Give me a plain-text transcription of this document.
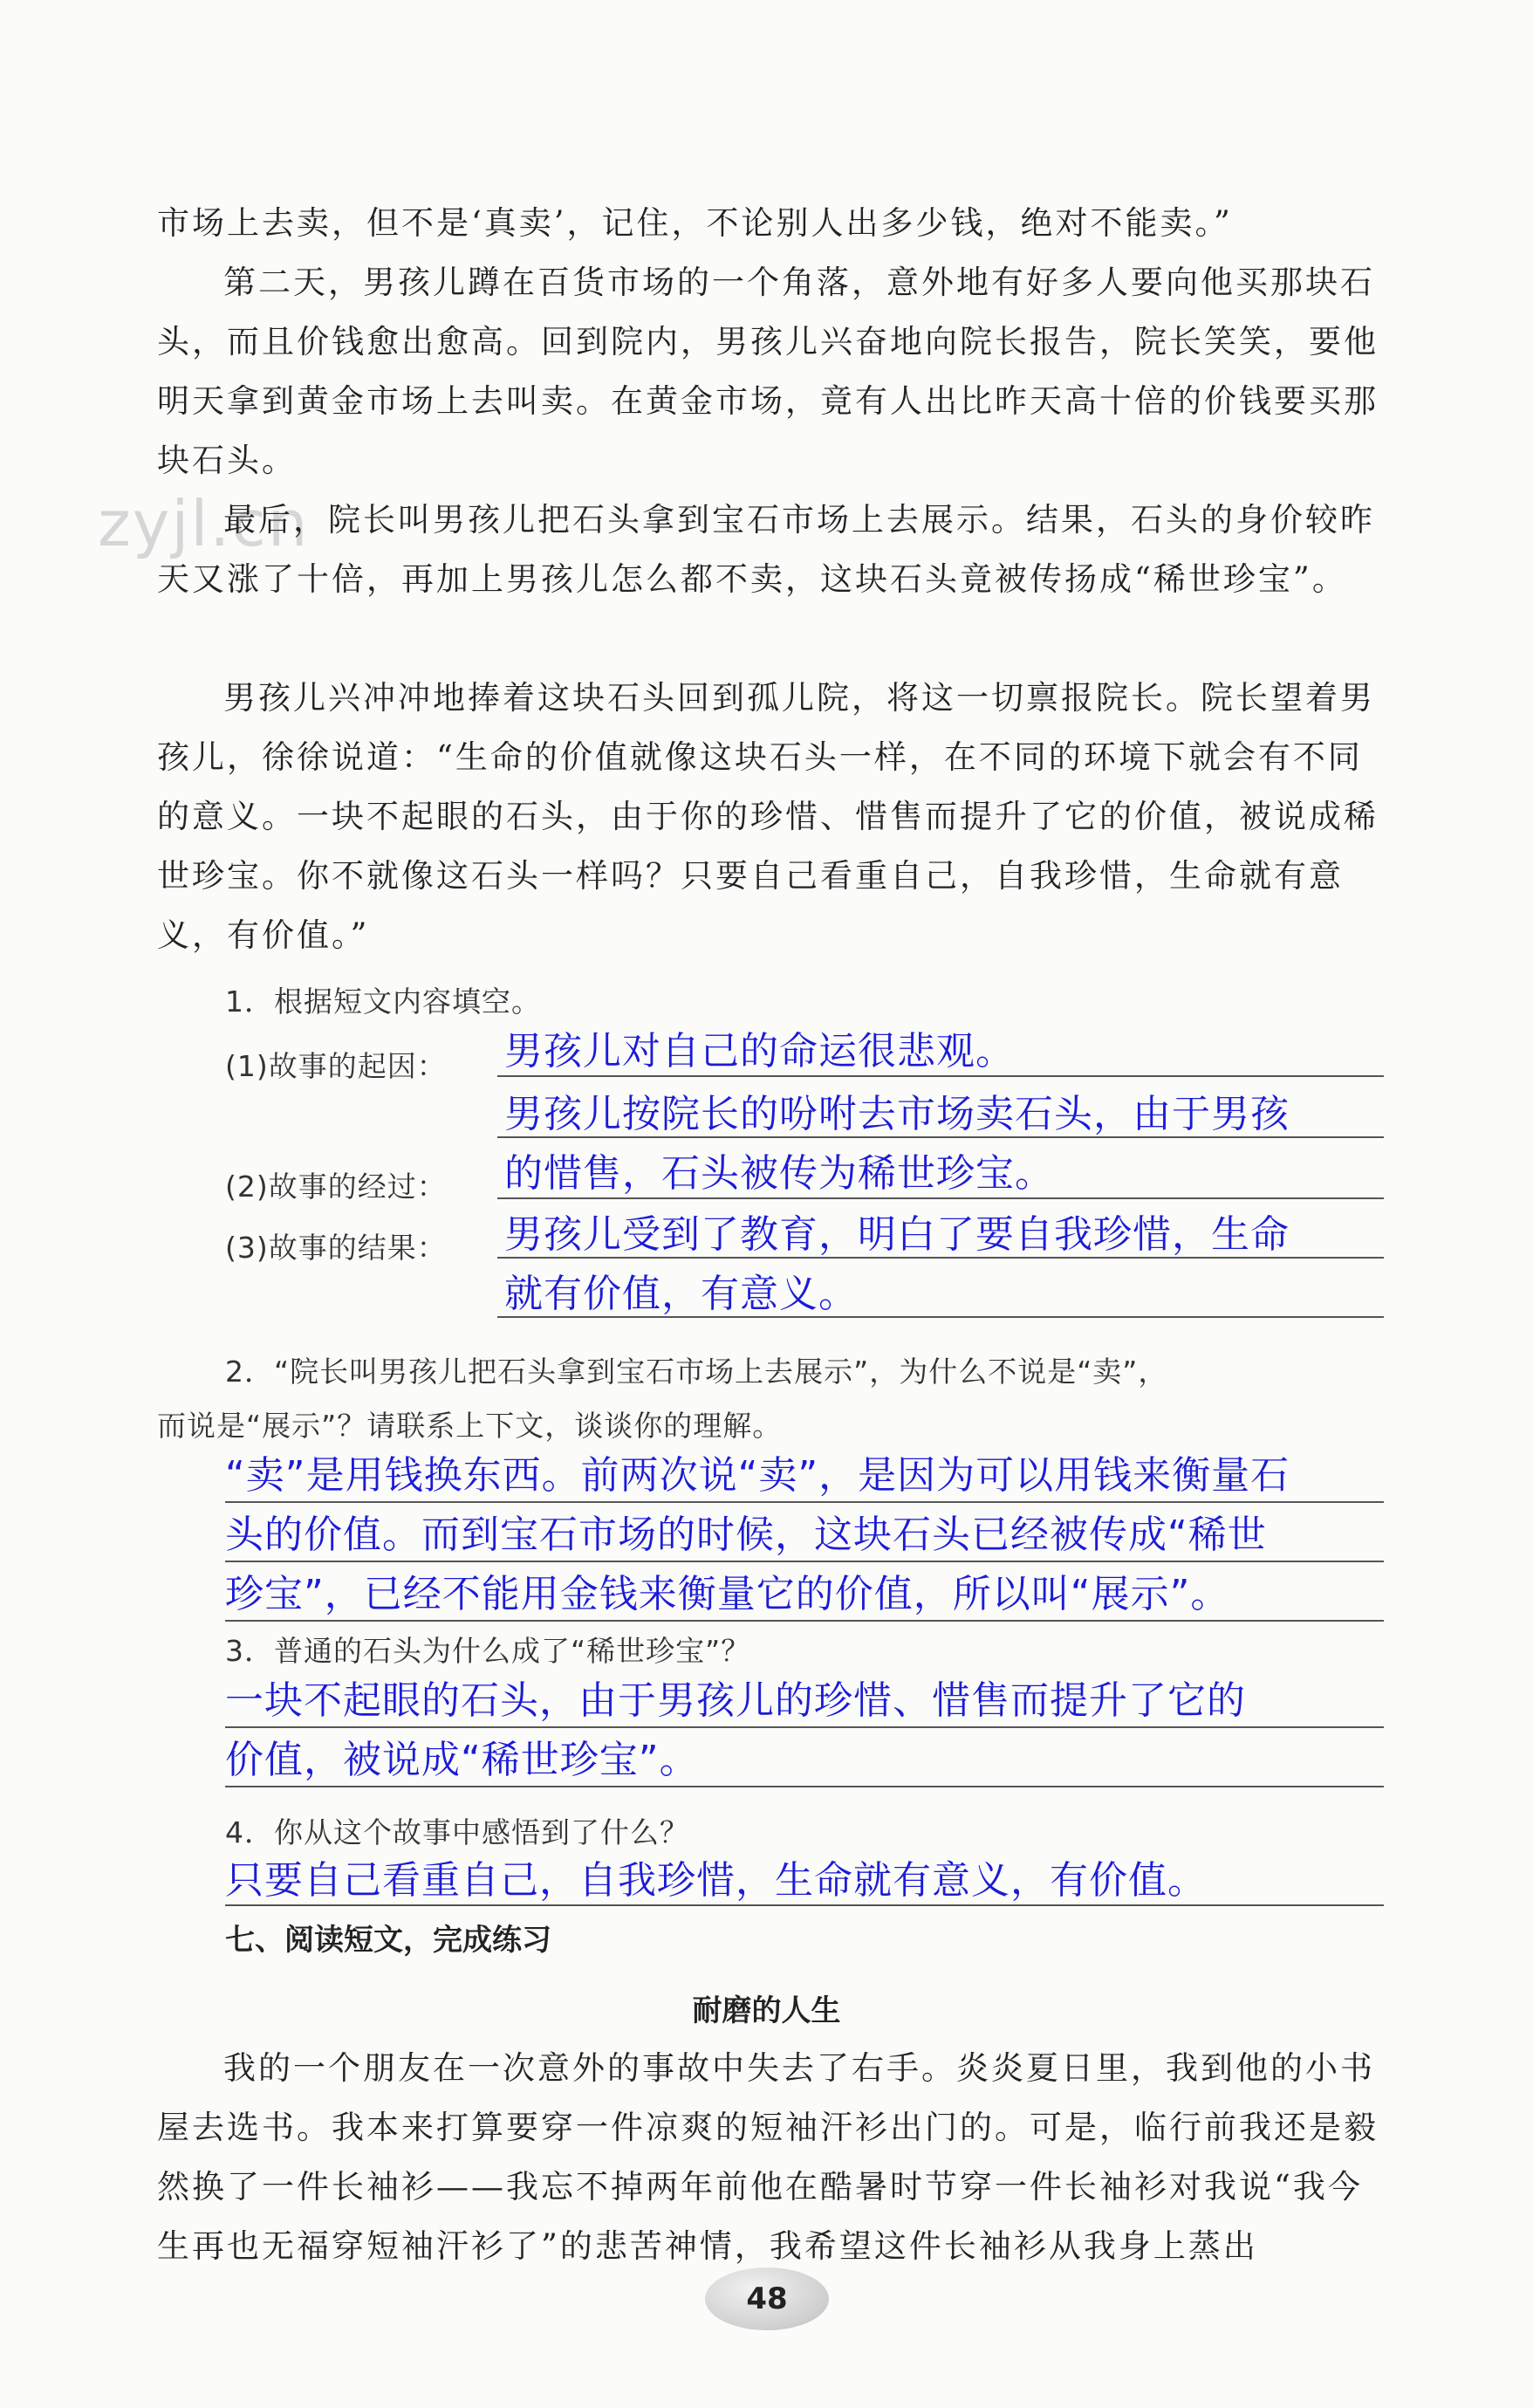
zyjl.cn
市场上去卖，但不是‘真卖’，记住，不论别人出多少钱，绝对不能卖。”
第二天，男孩儿蹲在百货市场的一个角落，意外地有好多人要向他买那块石头，而且价钱愈出愈高。回到院内，男孩儿兴奋地向院长报告，院长笑笑，要他明天拿到黄金市场上去叫卖。在黄金市场，竟有人出比昨天高十倍的价钱要买那块石头。
最后，院长叫男孩儿把石头拿到宝石市场上去展示。结果，石头的身价较昨天又涨了十倍，再加上男孩儿怎么都不卖，这块石头竟被传扬成“稀世珍宝”。
男孩儿兴冲冲地捧着这块石头回到孤儿院，将这一切禀报院长。院长望着男孩儿，徐徐说道：“生命的价值就像这块石头一样，在不同的环境下就会有不同的意义。一块不起眼的石头，由于你的珍惜、惜售而提升了它的价值，被说成稀世珍宝。你不就像这石头一样吗？只要自己看重自己，自我珍惜，生命就有意义，有价值。”
1．根据短文内容填空。
(1)故事的起因： 男孩儿对自己的命运很悲观。
男孩儿按院长的吩咐去市场卖石头，由于男孩
(2)故事的经过： 的惜售，石头被传为稀世珍宝。
(3)故事的结果： 男孩儿受到了教育，明白了要自我珍惜，生命
就有价值，有意义。
2．“院长叫男孩儿把石头拿到宝石市场上去展示”，为什么不说是“卖”，
而说是“展示”？请联系上下文，谈谈你的理解。
“卖”是用钱换东西。前两次说“卖”，是因为可以用钱来衡量石
头的价值。而到宝石市场的时候，这块石头已经被传成“稀世
珍宝”，已经不能用金钱来衡量它的价值，所以叫“展示”。
3．普通的石头为什么成了“稀世珍宝”？
一块不起眼的石头，由于男孩儿的珍惜、惜售而提升了它的
价值，被说成“稀世珍宝”。
4．你从这个故事中感悟到了什么？
只要自己看重自己，自我珍惜，生命就有意义，有价值。
七、阅读短文，完成练习
耐磨的人生
我的一个朋友在一次意外的事故中失去了右手。炎炎夏日里，我到他的小书屋去选书。我本来打算要穿一件凉爽的短袖汗衫出门的。可是，临行前我还是毅然换了一件长袖衫——我忘不掉两年前他在酷暑时节穿一件长袖衫对我说“我今生再也无福穿短袖汗衫了”的悲苦神情，我希望这件长袖衫从我身上蒸出
48
